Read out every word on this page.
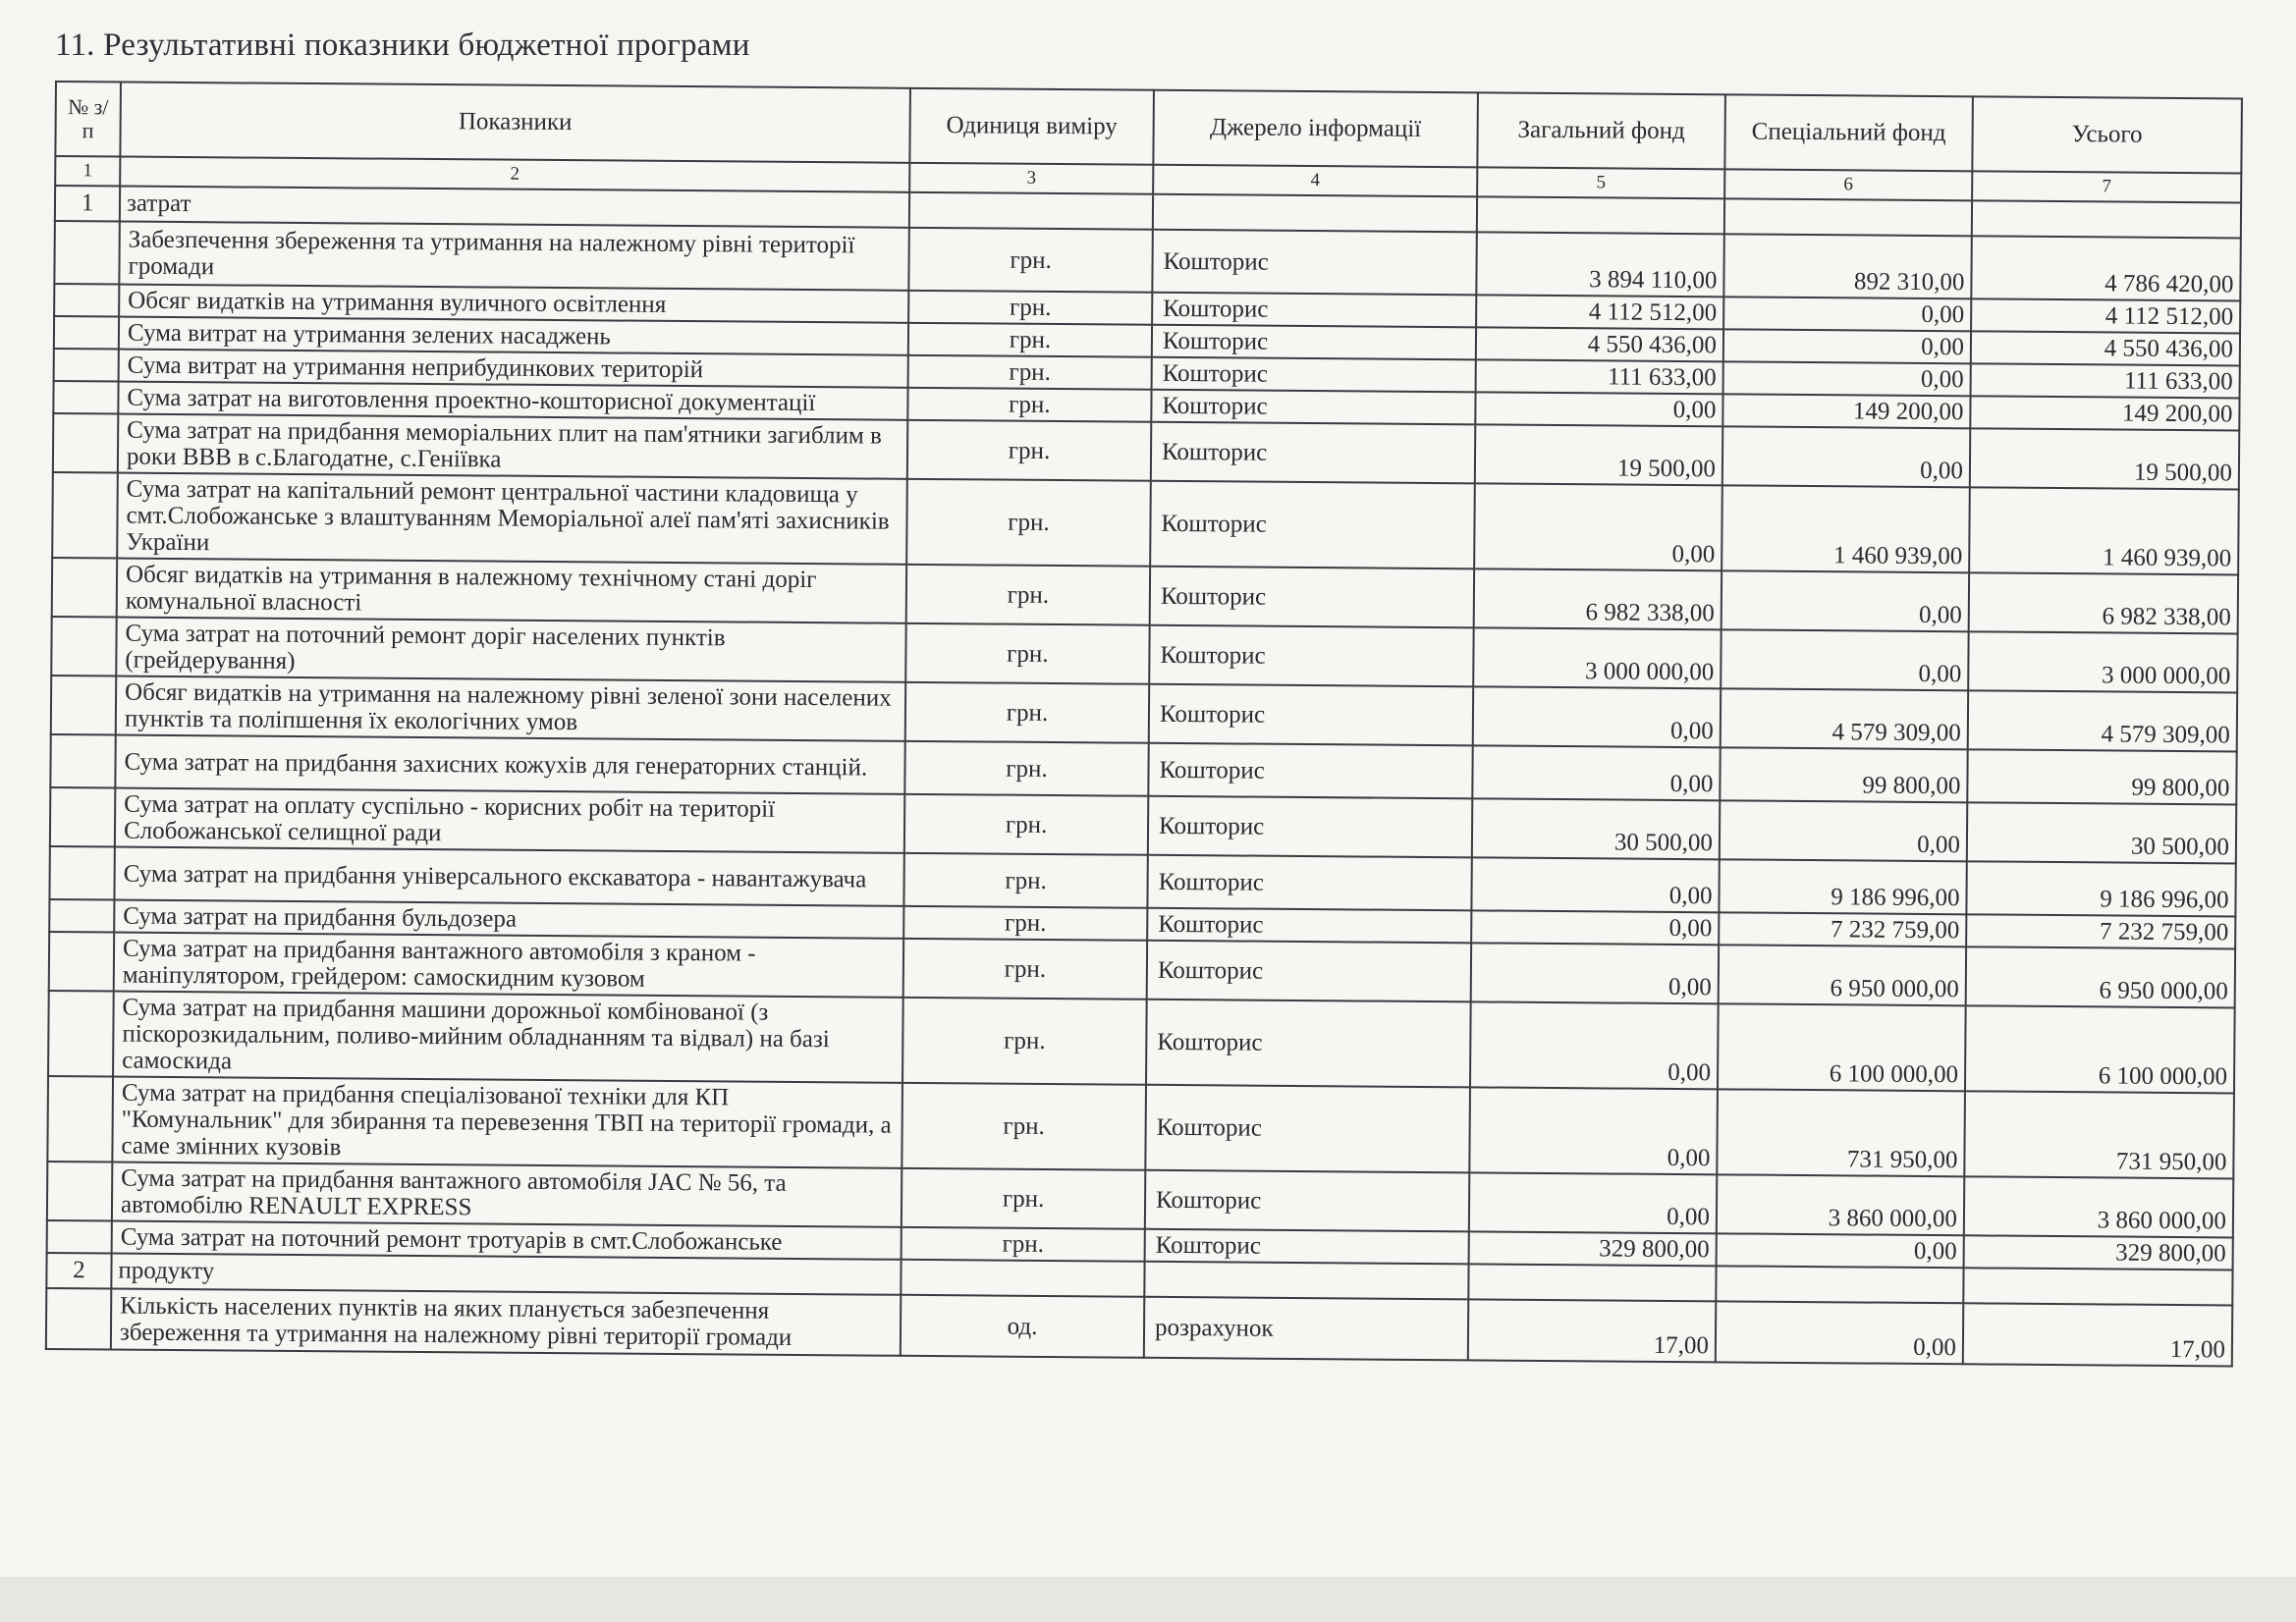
11. Результативні показники бюджетної програми
№ з/п	Показники	Одиниця виміру	Джерело інформації	Загальний фонд	Спеціальний фонд	Усього
1	2	3	4	5	6	7
1	затрат					
	Забезпечення збереження та утримання на належному рівні території громади	грн.	Кошторис	3 894 110,00	892 310,00	4 786 420,00
	Обсяг видатків на утримання вуличного освітлення	грн.	Кошторис	4 112 512,00	0,00	4 112 512,00
	Сума витрат на утримання зелених насаджень	грн.	Кошторис	4 550 436,00	0,00	4 550 436,00
	Сума витрат на утримання неприбудинкових територій	грн.	Кошторис	111 633,00	0,00	111 633,00
	Сума затрат на виготовлення проектно-кошторисної документації	грн.	Кошторис	0,00	149 200,00	149 200,00
	Сума затрат на придбання меморіальних плит на пам'ятники загиблим в роки ВВВ в с.Благодатне, с.Геніївка	грн.	Кошторис	19 500,00	0,00	19 500,00
	Сума затрат на капітальний ремонт центральної частини кладовища у смт.Слобожанське з влаштуванням Меморіальної алеї пам'яті захисників України	грн.	Кошторис	0,00	1 460 939,00	1 460 939,00
	Обсяг видатків на утримання в належному технічному стані доріг комунальної власності	грн.	Кошторис	6 982 338,00	0,00	6 982 338,00
	Сума затрат на поточний ремонт доріг населених пунктів (грейдерування)	грн.	Кошторис	3 000 000,00	0,00	3 000 000,00
	Обсяг видатків на утримання на належному рівні зеленої зони населених пунктів та поліпшення їх екологічних умов	грн.	Кошторис	0,00	4 579 309,00	4 579 309,00
	Сума затрат на придбання захисних кожухів для генераторних станцій.	грн.	Кошторис	0,00	99 800,00	99 800,00
	Сума затрат на оплату суспільно - корисних робіт на території Слобожанської селищної ради	грн.	Кошторис	30 500,00	0,00	30 500,00
	Сума затрат на придбання універсального екскаватора - навантажувача	грн.	Кошторис	0,00	9 186 996,00	9 186 996,00
	Сума затрат на придбання бульдозера	грн.	Кошторис	0,00	7 232 759,00	7 232 759,00
	Сума затрат на придбання вантажного автомобіля з краном - маніпулятором, грейдером: самоскидним кузовом	грн.	Кошторис	0,00	6 950 000,00	6 950 000,00
	Сума затрат на придбання машини дорожньої комбінованої (з піскорозкидальним, поливо-мийним обладнанням та відвал) на базі самоскида	грн.	Кошторис	0,00	6 100 000,00	6 100 000,00
	Сума затрат на придбання спеціалізованої техніки для КП "Комунальник" для збирання та перевезення ТВП на території громади, а саме змінних кузовів	грн.	Кошторис	0,00	731 950,00	731 950,00
	Сума затрат на придбання вантажного автомобіля JAC № 56, та автомобілю RENAULT EXPRESS	грн.	Кошторис	0,00	3 860 000,00	3 860 000,00
	Сума затрат на поточний ремонт тротуарів в смт.Слобожанське	грн.	Кошторис	329 800,00	0,00	329 800,00
2	продукту					
	Кількість населених пунктів на яких планується забезпечення збереження та утримання на належному рівні території громади	од.	розрахунок	17,00	0,00	17,00
